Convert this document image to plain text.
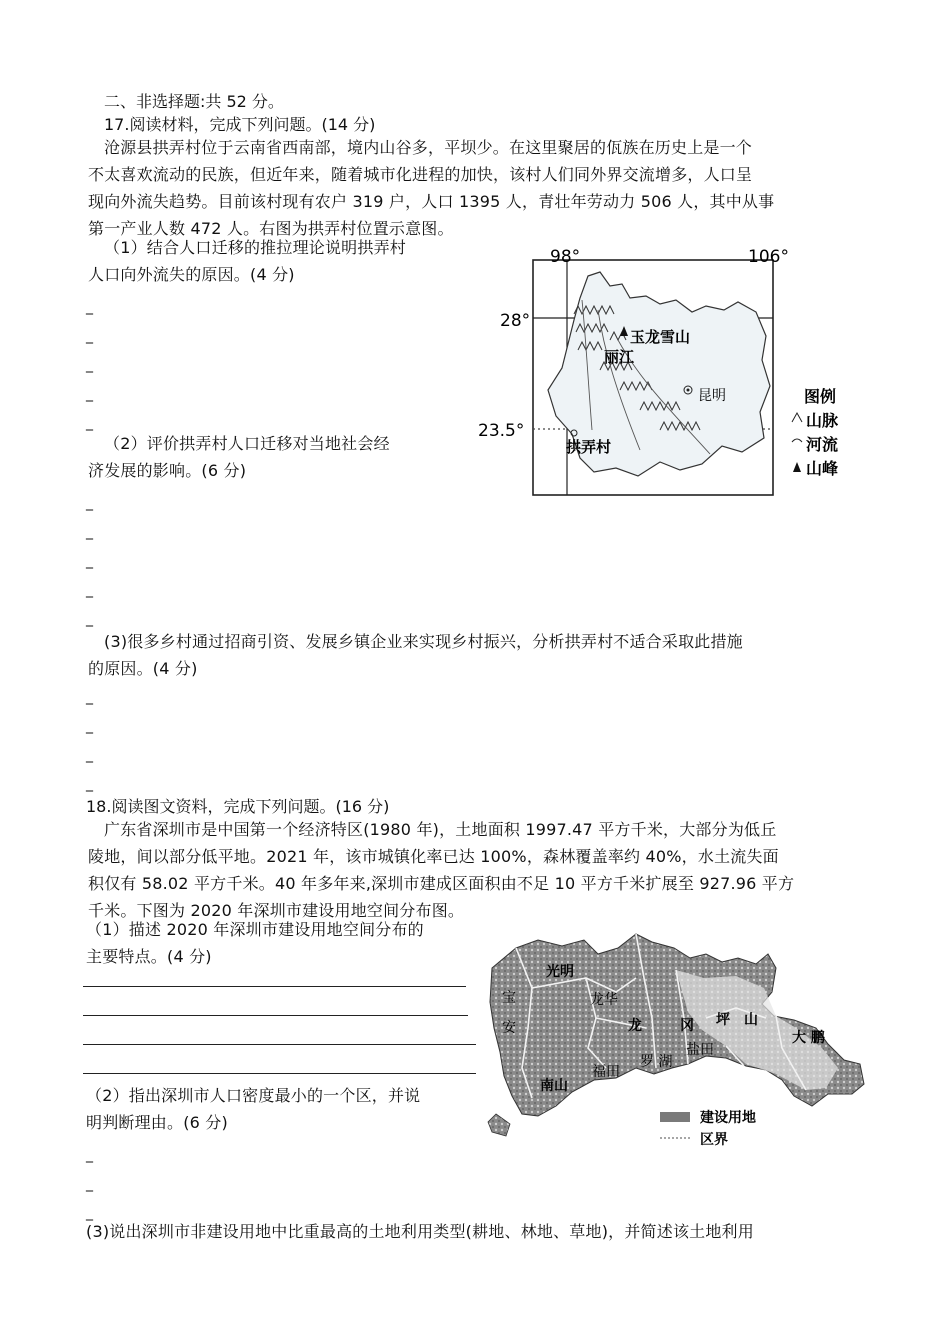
二、非选择题:共 52 分。
17.阅读材料，完成下列问题。(14 分)
沧源县拱弄村位于云南省西南部，境内山谷多，平坝少。在这里聚居的佤族在历史上是一个
不太喜欢流动的民族，但近年来，随着城市化进程的加快，该村人们同外界交流增多，人口呈
现向外流失趋势。目前该村现有农户 319 户，人口 1395 人，青壮年劳动力 506 人，其中从事
第一产业人数 472 人。右图为拱弄村位置示意图。
（1）结合人口迁移的推拉理论说明拱弄村
人口向外流失的原因。(4 分)
_
_
_
_
_
（2）评价拱弄村人口迁移对当地社会经
济发展的影响。(6 分)
_
_
_
_
_
(3)很多乡村通过招商引资、发展乡镇企业来实现乡村振兴，分析拱弄村不适合采取此措施
的原因。(4 分)
_
_
_
_
玉龙雪山
丽江
昆明
拱弄村
98°	106°
28°
23.5°
图例
山脉
河流
山峰
18.阅读图文资料，完成下列问题。(16 分)
广东省深圳市是中国第一个经济特区(1980 年)，土地面积 1997.47 平方千米，大部分为低丘
陵地，间以部分低平地。2021 年，该市城镇化率已达 100%，森林覆盖率约 40%，水土流失面
积仅有 58.02 平方千米。40 年多年来,深圳市建成区面积由不足 10 平方千米扩展至 927.96 平方
千米。下图为 2020 年深圳市建设用地空间分布图。
（1）描述 2020 年深圳市建设用地空间分布的
主要特点。(4 分)
（2）指出深圳市人口密度最小的一个区，并说
明判断理由。(6 分)
_
_
_
(3)说出深圳市非建设用地中比重最高的土地利用类型(耕地、林地、草地)，并简述该土地利用
光明
宝
安
龙华
龙	冈 坪　山
大 鹏
盐田
罗 湖
福田
南山
建设用地
区界
